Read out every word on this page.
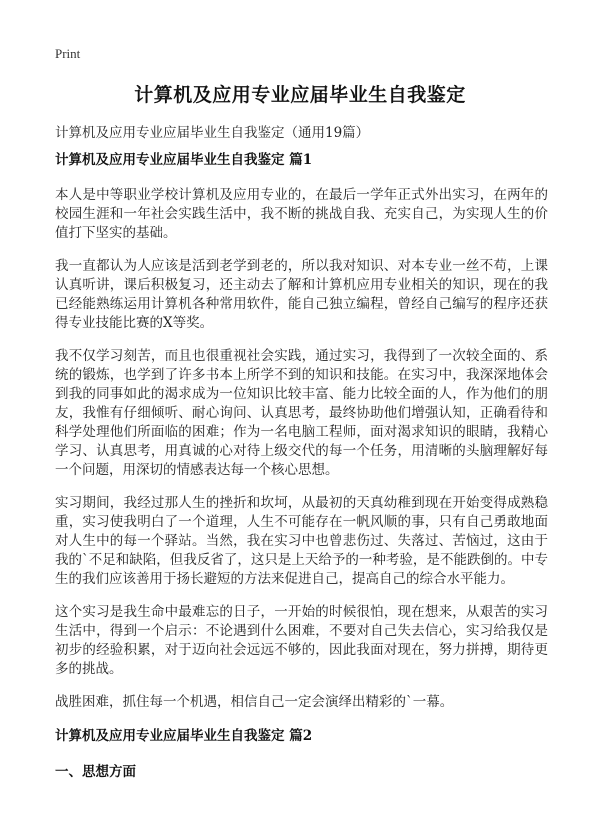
Print
计算机及应用专业应届毕业生自我鉴定
计算机及应用专业应届毕业生自我鉴定（通用19篇）
计算机及应用专业应届毕业生自我鉴定 篇1

本人是中等职业学校计算机及应用专业的，在最后一学年正式外出实习，在两年的校园生涯和一年社会实践生活中，我不断的挑战自我、充实自己，为实现人生的价值打下坚实的基础。

我一直都认为人应该是活到老学到老的，所以我对知识、对本专业一丝不苟，上课认真听讲，课后积极复习，还主动去了解和计算机应用专业相关的知识，现在的我已经能熟练运用计算机各种常用软件，能自己独立编程，曾经自己编写的程序还获得专业技能比赛的X等奖。

我不仅学习刻苦，而且也很重视社会实践，通过实习，我得到了一次较全面的、系统的锻炼，也学到了许多书本上所学不到的知识和技能。在实习中，我深深地体会到我的同事如此的渴求成为一位知识比较丰富、能力比较全面的人，作为他们的朋友，我惟有仔细倾听、耐心询问、认真思考，最终协助他们增强认知，正确看待和科学处理他们所面临的困难；作为一名电脑工程师，面对渴求知识的眼睛，我精心学习、认真思考，用真诚的心对待上级交代的每一个任务，用清晰的头脑理解好每一个问题，用深切的情感表达每一个核心思想。

实习期间，我经过那人生的挫折和坎坷，从最初的天真幼稚到现在开始变得成熟稳重，实习使我明白了一个道理，人生不可能存在一帆风顺的事，只有自己勇敢地面对人生中的每一个驿站。当然，我在实习中也曾悲伤过、失落过、苦恼过，这由于我的`不足和缺陷，但我反省了，这只是上天给予的一种考验，是不能跌倒的。中专生的我们应该善用于扬长避短的方法来促进自己，提高自己的综合水平能力。

这个实习是我生命中最难忘的日子，一开始的时候很怕，现在想来，从艰苦的实习生活中，得到一个启示：不论遇到什么困难，不要对自己失去信心，实习给我仅是初步的经验积累，对于迈向社会远远不够的，因此我面对现在，努力拼搏，期待更多的挑战。

战胜困难，抓住每一个机遇，相信自己一定会演绎出精彩的`一幕。

计算机及应用专业应届毕业生自我鉴定 篇2
一、思想方面
